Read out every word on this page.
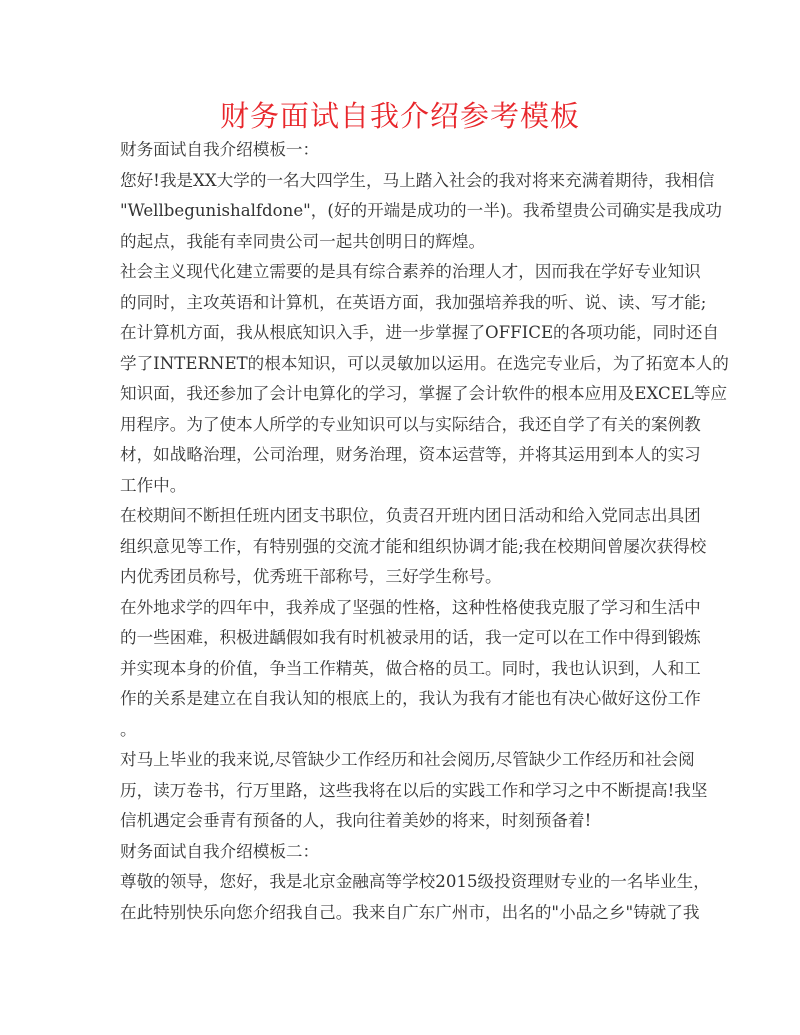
财务面试自我介绍参考模板
财务面试自我介绍模板一：
您好!我是XX大学的一名大四学生，马上踏入社会的我对将来充满着期待，我相信
"Wellbegunishalfdone"，(好的开端是成功的一半)。我希望贵公司确实是我成功
的起点，我能有幸同贵公司一起共创明日的辉煌。
社会主义现代化建立需要的是具有综合素养的治理人才，因而我在学好专业知识
的同时，主攻英语和计算机，在英语方面，我加强培养我的听、说、读、写才能;
在计算机方面，我从根底知识入手，进一步掌握了OFFICE的各项功能，同时还自
学了INTERNET的根本知识，可以灵敏加以运用。在选完专业后，为了拓宽本人的
知识面，我还参加了会计电算化的学习，掌握了会计软件的根本应用及EXCEL等应
用程序。为了使本人所学的专业知识可以与实际结合，我还自学了有关的案例教
材，如战略治理，公司治理，财务治理，资本运营等，并将其运用到本人的实习
工作中。
在校期间不断担任班内团支书职位，负责召开班内团日活动和给入党同志出具团
组织意见等工作，有特别强的交流才能和组织协调才能;我在校期间曾屡次获得校
内优秀团员称号，优秀班干部称号，三好学生称号。
在外地求学的四年中，我养成了坚强的性格，这种性格使我克服了学习和生活中
的一些困难，积极进龋假如我有时机被录用的话，我一定可以在工作中得到锻炼
并实现本身的价值，争当工作精英，做合格的员工。同时，我也认识到，人和工
作的关系是建立在自我认知的根底上的，我认为我有才能也有决心做好这份工作
。
对马上毕业的我来说,尽管缺少工作经历和社会阅历,尽管缺少工作经历和社会阅
历，读万卷书，行万里路，这些我将在以后的实践工作和学习之中不断提高!我坚
信机遇定会垂青有预备的人，我向往着美妙的将来，时刻预备着!
财务面试自我介绍模板二：
尊敬的领导，您好，我是北京金融高等学校2015级投资理财专业的一名毕业生，
在此特别快乐向您介绍我自己。我来自广东广州市，出名的"小品之乡"铸就了我
